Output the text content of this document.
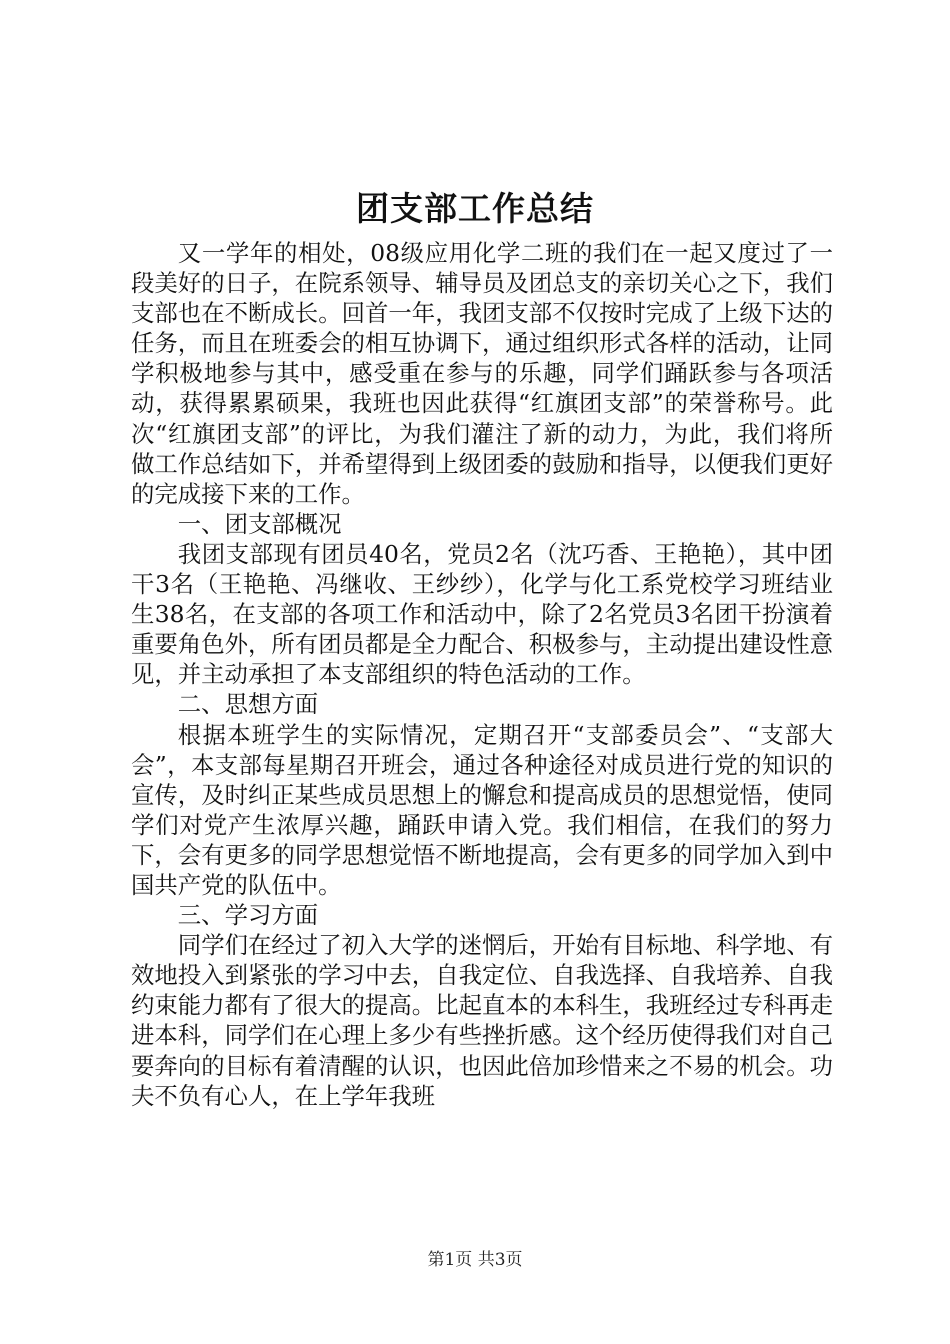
团支部工作总结

又一学年的相处，08级应用化学二班的我们在一起又度过了一段美好的日子，在院系领导、辅导员及团总支的亲切关心之下，我们支部也在不断成长。回首一年，我团支部不仅按时完成了上级下达的任务，而且在班委会的相互协调下，通过组织形式各样的活动，让同学积极地参与其中，感受重在参与的乐趣，同学们踊跃参与各项活动，获得累累硕果，我班也因此获得“红旗团支部”的荣誉称号。此次“红旗团支部”的评比，为我们灌注了新的动力，为此，我们将所做工作总结如下，并希望得到上级团委的鼓励和指导，以便我们更好的完成接下来的工作。

一、团支部概况

我团支部现有团员40名，党员2名（沈巧香、王艳艳），其中团干3名（王艳艳、冯继收、王纱纱），化学与化工系党校学习班结业生38名，在支部的各项工作和活动中，除了2名党员3名团干扮演着重要角色外，所有团员都是全力配合、积极参与，主动提出建设性意见，并主动承担了本支部组织的特色活动的工作。

二、思想方面

根据本班学生的实际情况，定期召开“支部委员会”、“支部大会”，本支部每星期召开班会，通过各种途径对成员进行党的知识的宣传，及时纠正某些成员思想上的懈怠和提高成员的思想觉悟，使同学们对党产生浓厚兴趣，踊跃申请入党。我们相信，在我们的努力下，会有更多的同学思想觉悟不断地提高，会有更多的同学加入到中国共产党的队伍中。

三、学习方面

同学们在经过了初入大学的迷惘后，开始有目标地、科学地、有效地投入到紧张的学习中去，自我定位、自我选择、自我培养、自我约束能力都有了很大的提高。比起直本的本科生，我班经过专科再走进本科，同学们在心理上多少有些挫折感。这个经历使得我们对自己要奔向的目标有着清醒的认识，也因此倍加珍惜来之不易的机会。功夫不负有心人，在上学年我班

第1页 共3页
